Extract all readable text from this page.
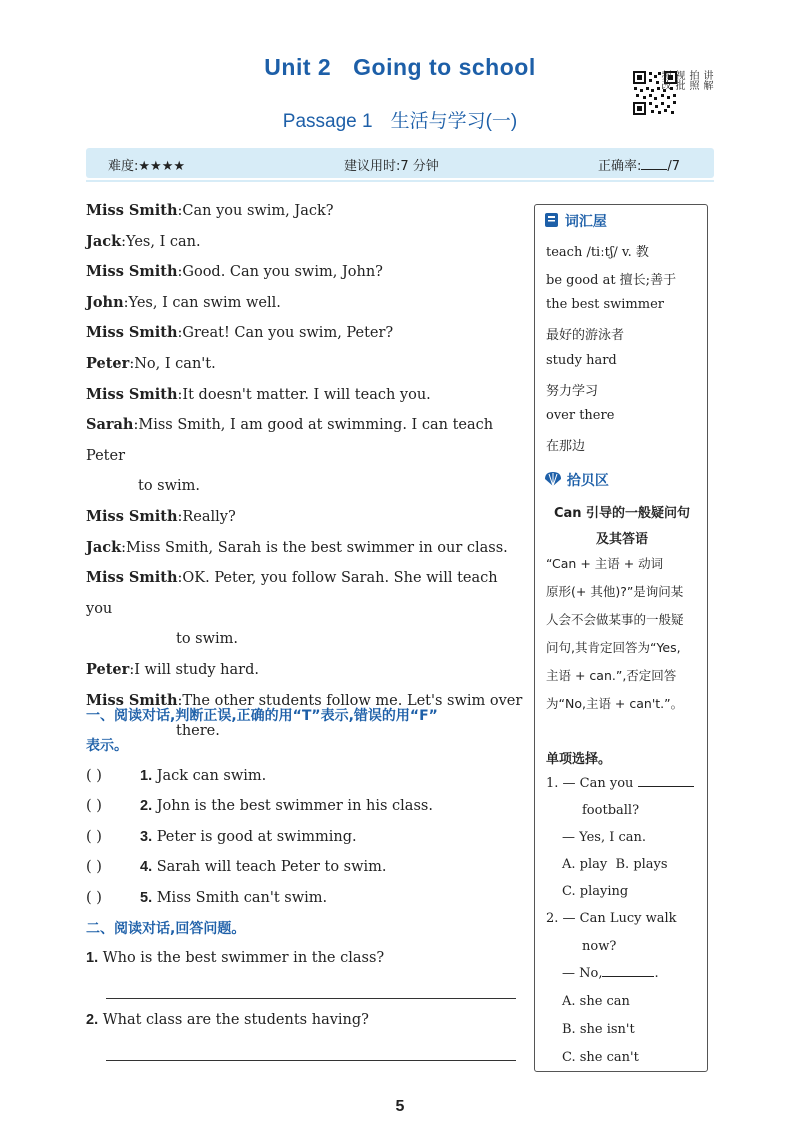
Unit 2 Going to school
Passage 1 生活与学习(一)
讲解
拍照
视批
频改
难度:★★★★	建议用时:7 分钟	正确率: /7
Miss Smith:Can you swim, Jack?
Jack:Yes, I can.
Miss Smith:Good. Can you swim, John?
John:Yes, I can swim well.
Miss Smith:Great! Can you swim, Peter?
Peter:No, I can't.
Miss Smith:It doesn't matter. I will teach you.
Sarah:Miss Smith, I am good at swimming. I can teach Peter
to swim.
Miss Smith:Really?
Jack:Miss Smith, Sarah is the best swimmer in our class.
Miss Smith:OK. Peter, you follow Sarah. She will teach you
to swim.
Peter:I will study hard.
Miss Smith:The other students follow me. Let's swim over
there.
一、阅读对话,判断正误,正确的用“T”表示,错误的用“F”
表示。
( )	1. Jack can swim.
( )	2. John is the best swimmer in his class.
( )	3. Peter is good at swimming.
( )	4. Sarah will teach Peter to swim.
( )	5. Miss Smith can't swim.
二、阅读对话,回答问题。
1. Who is the best swimmer in the class?
2. What class are the students having?
词汇屋
teach /tiːtʃ/ v. 教
be good at 擅长;善于
the best swimmer
最好的游泳者
study hard
努力学习
over there
在那边
拾贝区
Can 引导的一般疑问句
及其答语
“Can + 主语 + 动词
原形(+ 其他)?”是询问某
人会不会做某事的一般疑
问句,其肯定回答为“Yes,
主语 + can.”,否定回答
为“No,主语 + can't.”。
单项选择。
1. — Can you
football?
— Yes, I can.
A. play B. plays
C. playing
2. — Can Lucy walk
now?
— No,	.
A. she can
B. she isn't
C. she can't
5
